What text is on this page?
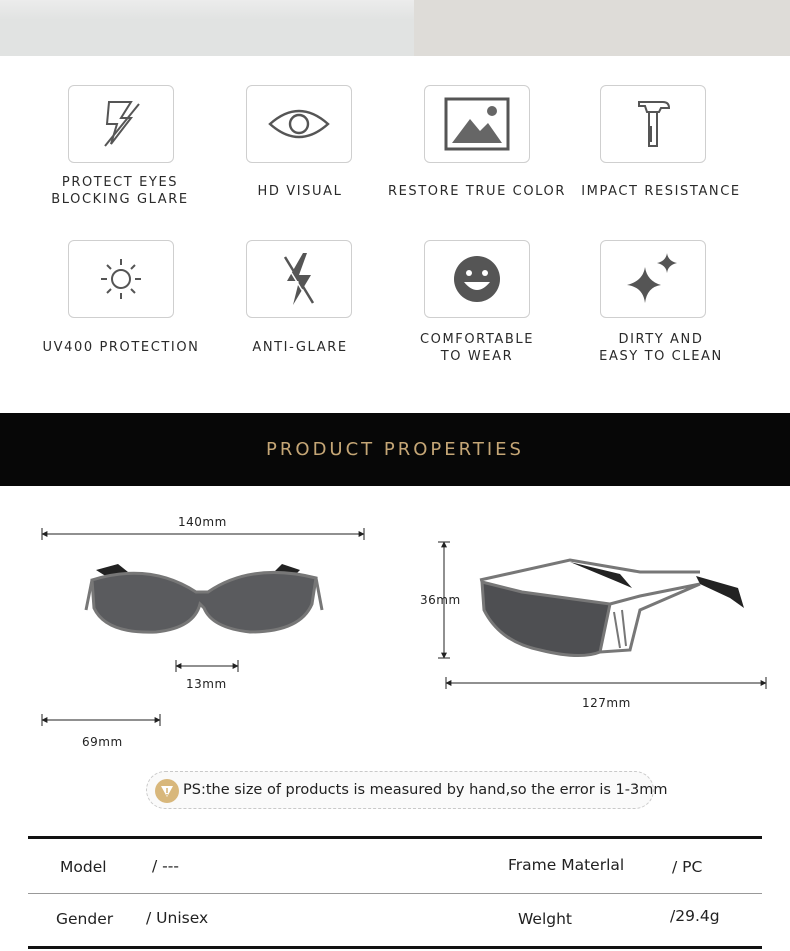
PROTECT EYES
BLOCKING GLARE
HD VISUAL	RESTORE TRUE COLOR	IMPACT RESISTANCE
UV400 PROTECTION	ANTI-GLARE
COMFORTABLE
TO WEAR
DIRTY AND
EASY TO CLEAN
PRODUCT PROPERTIES
140mm
13mm
69mm
36mm
127mm
PS:the size of products is measured by hand,so the error is 1-3mm
Model	/ ---	Frame Materlal	/ PC
Gender / Unisex	Welght	/29.4g
